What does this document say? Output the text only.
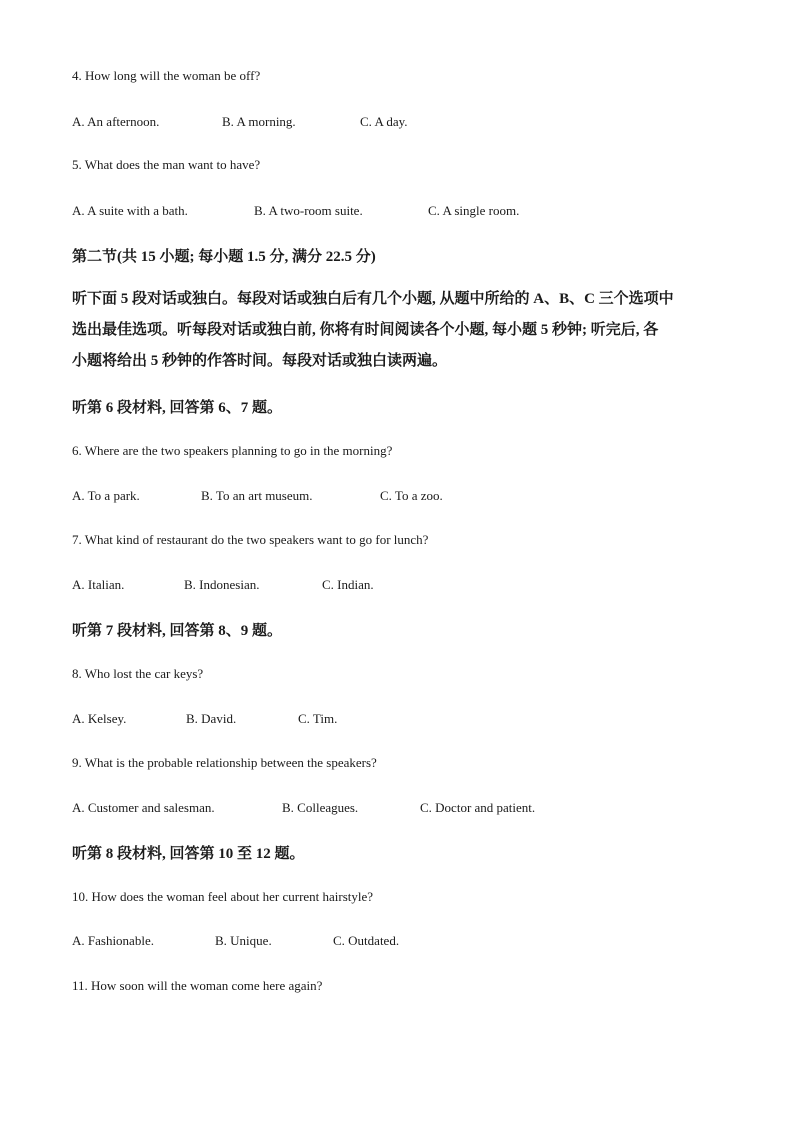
4. How long will the woman be off?
A. An afternoon.	B. A morning.	C. A day.
5. What does the man want to have?
A. A suite with a bath.	B. A two-room suite.	C. A single room.
第二节(共 15 小题; 每小题 1.5 分, 满分 22.5 分)
听下面 5 段对话或独白。每段对话或独白后有几个小题, 从题中所给的 A、B、C 三个选项中
选出最佳选项。听每段对话或独白前, 你将有时间阅读各个小题, 每小题 5 秒钟; 听完后, 各
小题将给出 5 秒钟的作答时间。每段对话或独白读两遍。
听第 6 段材料, 回答第 6、7 题。
6. Where are the two speakers planning to go in the morning?
A. To a park.	B. To an art museum.	C. To a zoo.
7. What kind of restaurant do the two speakers want to go for lunch?
A. Italian.	B. Indonesian.	C. Indian.
听第 7 段材料, 回答第 8、9 题。
8. Who lost the car keys?
A. Kelsey.	B. David.	C. Tim.
9. What is the probable relationship between the speakers?
A. Customer and salesman.	B. Colleagues.	C. Doctor and patient.
听第 8 段材料, 回答第 10 至 12 题。
10. How does the woman feel about her current hairstyle?
A. Fashionable.	B. Unique.	C. Outdated.
11. How soon will the woman come here again?
